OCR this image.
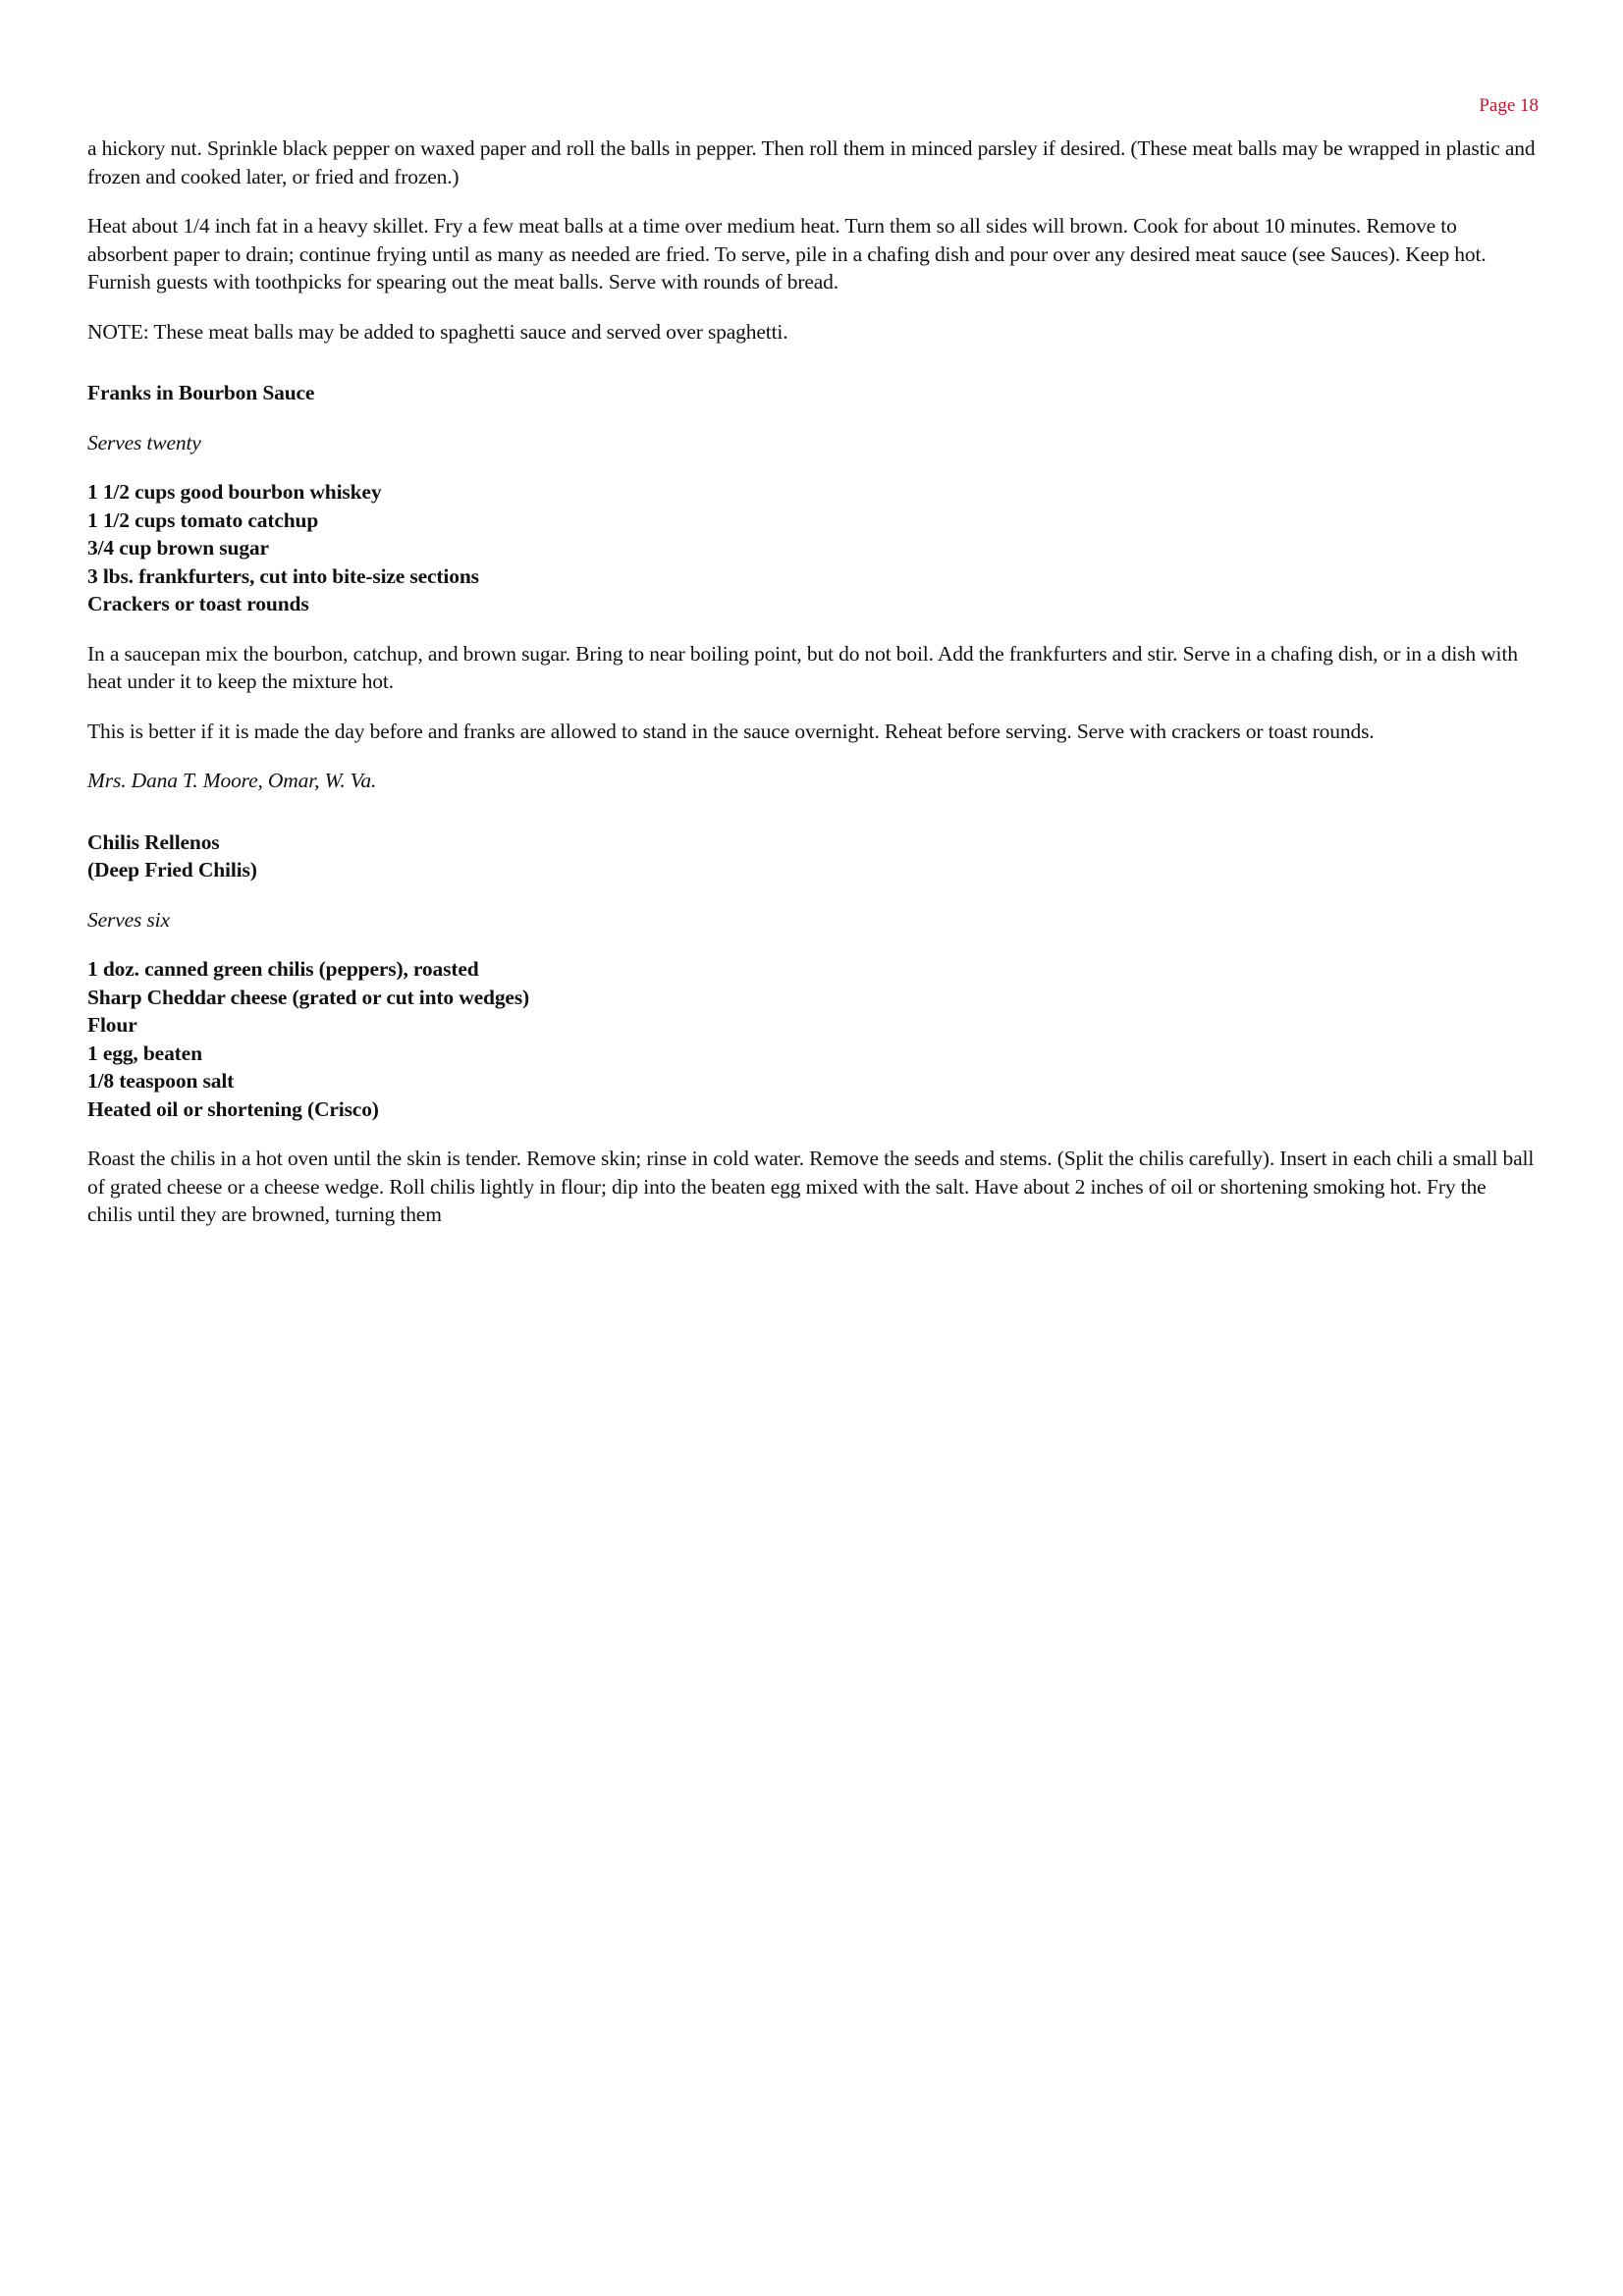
Page 18

a hickory nut. Sprinkle black pepper on waxed paper and roll the balls in pepper. Then roll them in minced parsley if desired. (These meat balls may be wrapped in plastic and frozen and cooked later, or fried and frozen.)

Heat about 1/4 inch fat in a heavy skillet. Fry a few meat balls at a time over medium heat. Turn them so all sides will brown. Cook for about 10 minutes. Remove to absorbent paper to drain; continue frying until as many as needed are fried. To serve, pile in a chafing dish and pour over any desired meat sauce (see Sauces). Keep hot. Furnish guests with toothpicks for spearing out the meat balls. Serve with rounds of bread.

NOTE: These meat balls may be added to spaghetti sauce and served over spaghetti.

Franks in Bourbon Sauce

Serves twenty

1 1/2 cups good bourbon whiskey
1 1/2 cups tomato catchup
3/4 cup brown sugar
3 lbs. frankfurters, cut into bite-size sections
Crackers or toast rounds

In a saucepan mix the bourbon, catchup, and brown sugar. Bring to near boiling point, but do not boil. Add the frankfurters and stir. Serve in a chafing dish, or in a dish with heat under it to keep the mixture hot.

This is better if it is made the day before and franks are allowed to stand in the sauce overnight. Reheat before serving. Serve with crackers or toast rounds.

Mrs. Dana T. Moore, Omar, W. Va.

Chilis Rellenos
(Deep Fried Chilis)

Serves six

1 doz. canned green chilis (peppers), roasted
Sharp Cheddar cheese (grated or cut into wedges)
Flour
1 egg, beaten
1/8 teaspoon salt
Heated oil or shortening (Crisco)

Roast the chilis in a hot oven until the skin is tender. Remove skin; rinse in cold water. Remove the seeds and stems. (Split the chilis carefully). Insert in each chili a small ball of grated cheese or a cheese wedge. Roll chilis lightly in flour; dip into the beaten egg mixed with the salt. Have about 2 inches of oil or shortening smoking hot. Fry the chilis until they are browned, turning them
